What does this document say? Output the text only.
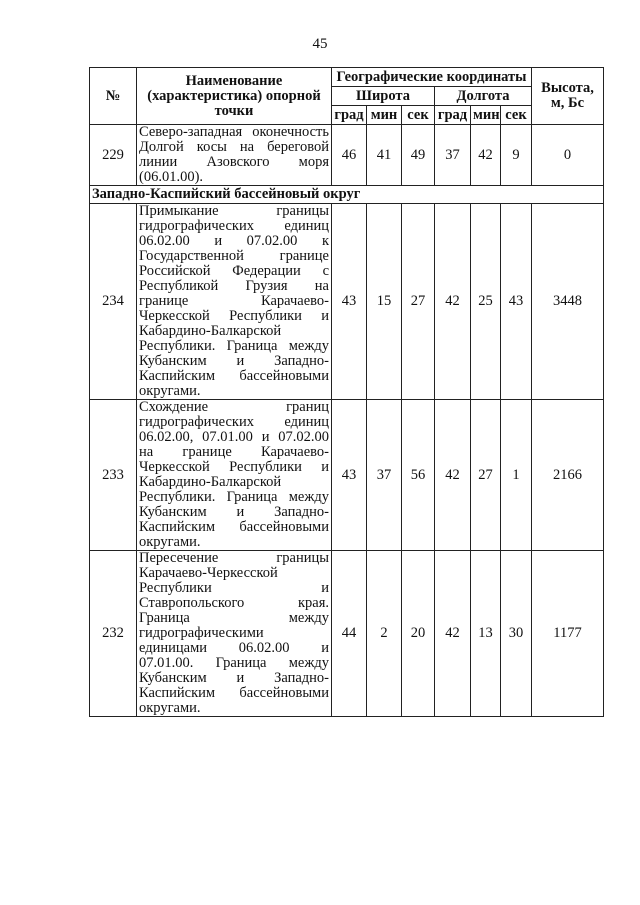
45
№	Наименование (характеристика) опорной точки	Географические координаты						Высота, м, Бс
		Широта			Долгота			
		град	мин	сек	град	мин	сек	
229	Северо-западная оконечность Долгой косы на береговой линии Азовского моря (06.01.00).	46	41	49	37	42	9	0
Западно-Каспийский бассейновый округ								
234	Примыкание границы гидрографических единиц 06.02.00 и 07.02.00 к Государственной границе Российской Федерации с Республикой Грузия на границе Карачаево-Черкесской Республики и Кабардино-Балкарской Республики. Граница между Кубанским и Западно-Каспийским бассейновыми округами.	43	15	27	42	25	43	3448
233	Схождение границ гидрографических единиц 06.02.00, 07.01.00 и 07.02.00 на границе Карачаево-Черкесской Республики и Кабардино-Балкарской Республики. Граница между Кубанским и Западно-Каспийским бассейновыми округами.	43	37	56	42	27	1	2166
232	Пересечение границы Карачаево-Черкесской Республики и Ставропольского края. Граница между гидрографическими единицами 06.02.00 и 07.01.00. Граница между Кубанским и Западно-Каспийским бассейновыми округами.	44	2	20	42	13	30	1177
